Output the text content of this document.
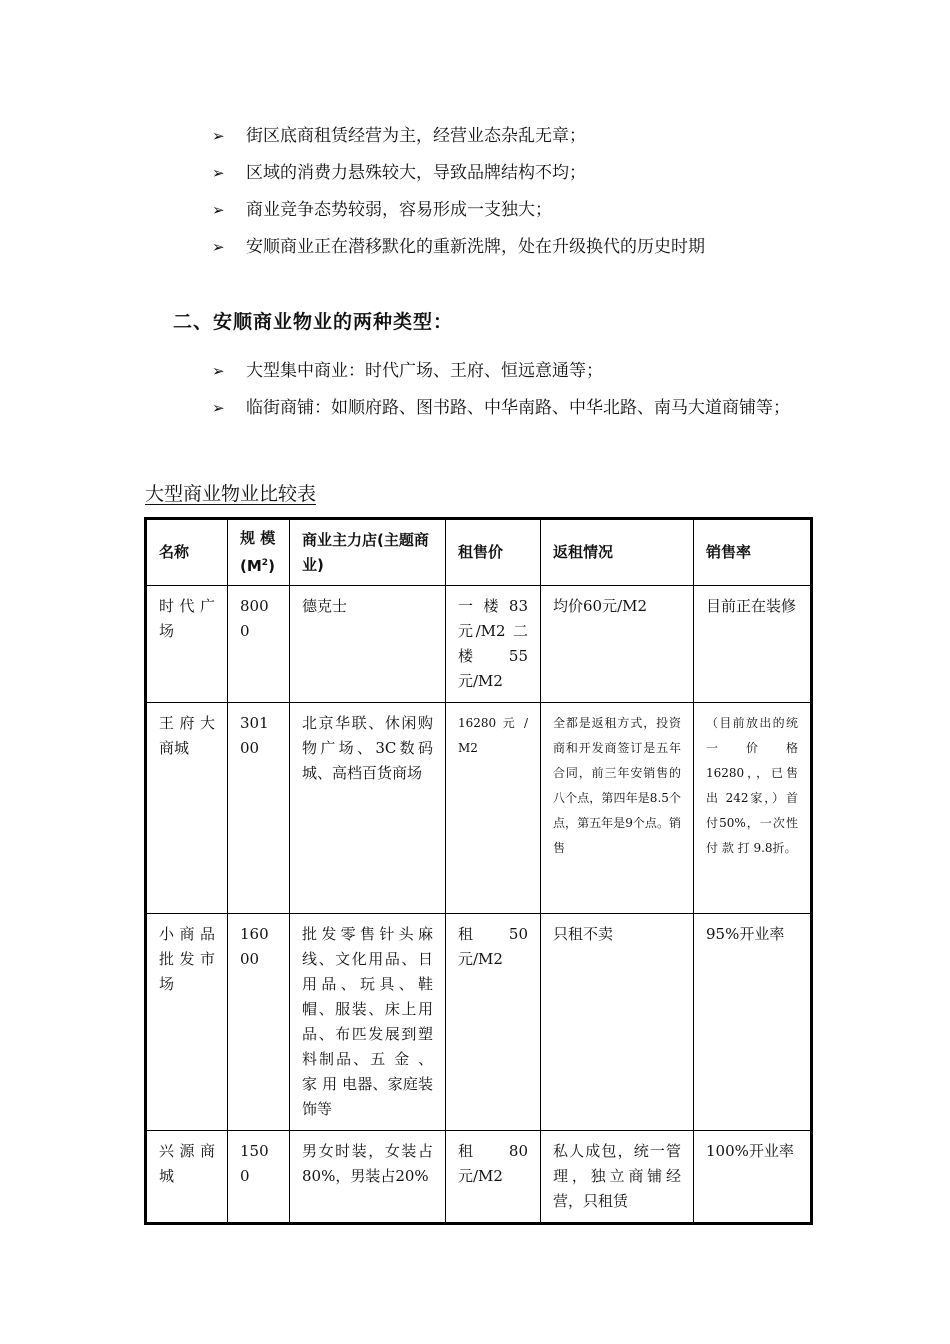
➢	街区底商租赁经营为主，经营业态杂乱无章；
➢	区域的消费力悬殊较大，导致品牌结构不均；
➢	商业竞争态势较弱，容易形成一支独大；
➢	安顺商业正在潜移默化的重新洗牌，处在升级换代的历史时期
二、安顺商业物业的两种类型：
➢	大型集中商业：时代广场、王府、恒远意通等；
➢	临街商铺：如顺府路、图书路、中华南路、中华北路、南马大道商铺等；
大型商业物业比较表
名称	规 模 $(M^2)$	商业主力店(主题商业)	租售价	返租情况	销售率
时代广场	8000	德克士	一 楼 83元/M2 二 楼 55元/M2	均价60元/M2	目前正在装修
王府大商城	30100	北京华联、休闲购物广场、3C数码城、高档百货商场	16280 元 / M2	全都是返租方式，投资商和开发商签订是五年合同，前三年安销售的八个点，第四年是8.5个点，第五年是9个点。销售	（目前放出的统 一 价 格16280，，已售 出 242家，）首付50%，一次性付 款 打 9.8折。
小商品批发市场	16000	批发零售针头麻线、文化用品、日用品、玩具、鞋帽、服装、床上用品、布匹发展到塑料制品、五 金 、 家 用 电器、家庭装饰等	租 50元/M2	只租不卖	95%开业率
兴源商城	1500	男女时装，女装占80%，男装占20%	租 80元/M2	私人成包，统一管理，独立商铺经营，只租赁	100%开业率
